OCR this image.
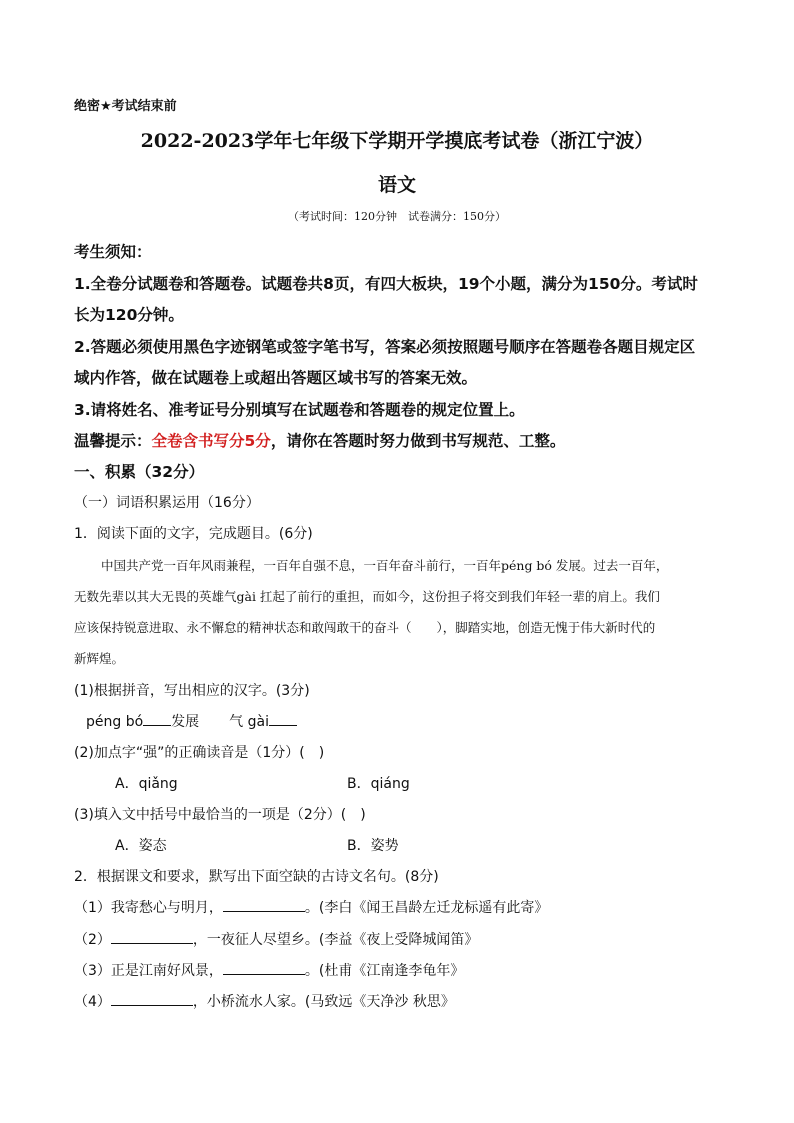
绝密★考试结束前
2022-2023学年七年级下学期开学摸底考试卷（浙江宁波）
语文
（考试时间：120分钟　试卷满分：150分）
考生须知：
1.全卷分试题卷和答题卷。试题卷共8页，有四大板块，19个小题，满分为150分。考试时
长为120分钟。
2.答题必须使用黑色字迹钢笔或签字笔书写，答案必须按照题号顺序在答题卷各题目规定区
域内作答，做在试题卷上或超出答题区域书写的答案无效。
3.请将姓名、准考证号分别填写在试题卷和答题卷的规定位置上。
温馨提示：全卷含书写分5分，请你在答题时努力做到书写规范、工整。
一、积累（32分）
（一）词语积累运用（16分）
1．阅读下面的文字，完成题目。(6分)
中国共产党一百年风雨兼程，一百年自强不息，一百年奋斗前行，一百年péng bó 发展。过去一百年，
无数先辈以其大无畏的英雄气gài 扛起了前行的重担，而如今，这份担子将交到我们年轻一辈的肩上。我们
应该保持锐意进取、永不懈怠的精神状态和敢闯敢干的奋斗（　　），脚踏实地，创造无愧于伟大新时代的
新辉煌。
(1)根据拼音，写出相应的汉字。(3分)
péng bó 发展 气 gài
(2)加点字“强”的正确读音是（1分）(　)
A．qiǎng	B．qiáng
(3)填入文中括号中最恰当的一项是（2分）(　)
A．姿态	B．姿势
2．根据课文和要求，默写出下面空缺的古诗文名句。(8分)
（1）我寄愁心与明月，	。(李白《闻王昌龄左迁龙标遥有此寄》
（2）	，一夜征人尽望乡。(李益《夜上受降城闻笛》
（3）正是江南好风景，	。(杜甫《江南逢李龟年》
（4）	，小桥流水人家。(马致远《天净沙 秋思》
